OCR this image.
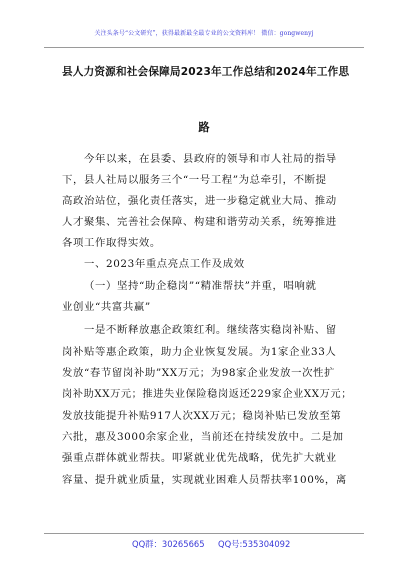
关注头条号“公文研究”，获得最新最全最专业的公文资料库！ 微信：gongwenyj
县人力资源和社会保障局2023年工作总结和2024年工作思
路
今年以来，在县委、县政府的领导和市人社局的指导
下，县人社局以服务三个“一号工程”为总牵引，不断提
高政治站位，强化责任落实，进一步稳定就业大局、推动
人才聚集、完善社会保障、构建和谐劳动关系，统筹推进
各项工作取得实效。
一、2023年重点亮点工作及成效
（一）坚持“助企稳岗”“精准帮扶”并重，唱响就
业创业“共富共赢”
一是不断释放惠企政策红利。继续落实稳岗补贴、留
岗补贴等惠企政策，助力企业恢复发展。为1家企业33人
发放“春节留岗补助”XX万元；为98家企业发放一次性扩
岗补助XX万元；推进失业保险稳岗返还229家企业XX万元；
发放技能提升补贴917人次XX万元；稳岗补贴已发放至第
六批，惠及3000余家企业，当前还在持续发放中。二是加
强重点群体就业帮扶。叩紧就业优先战略，优先扩大就业
容量、提升就业质量，实现就业困难人员帮扶率100%，离
QQ群：30265665 QQ号:535304092
